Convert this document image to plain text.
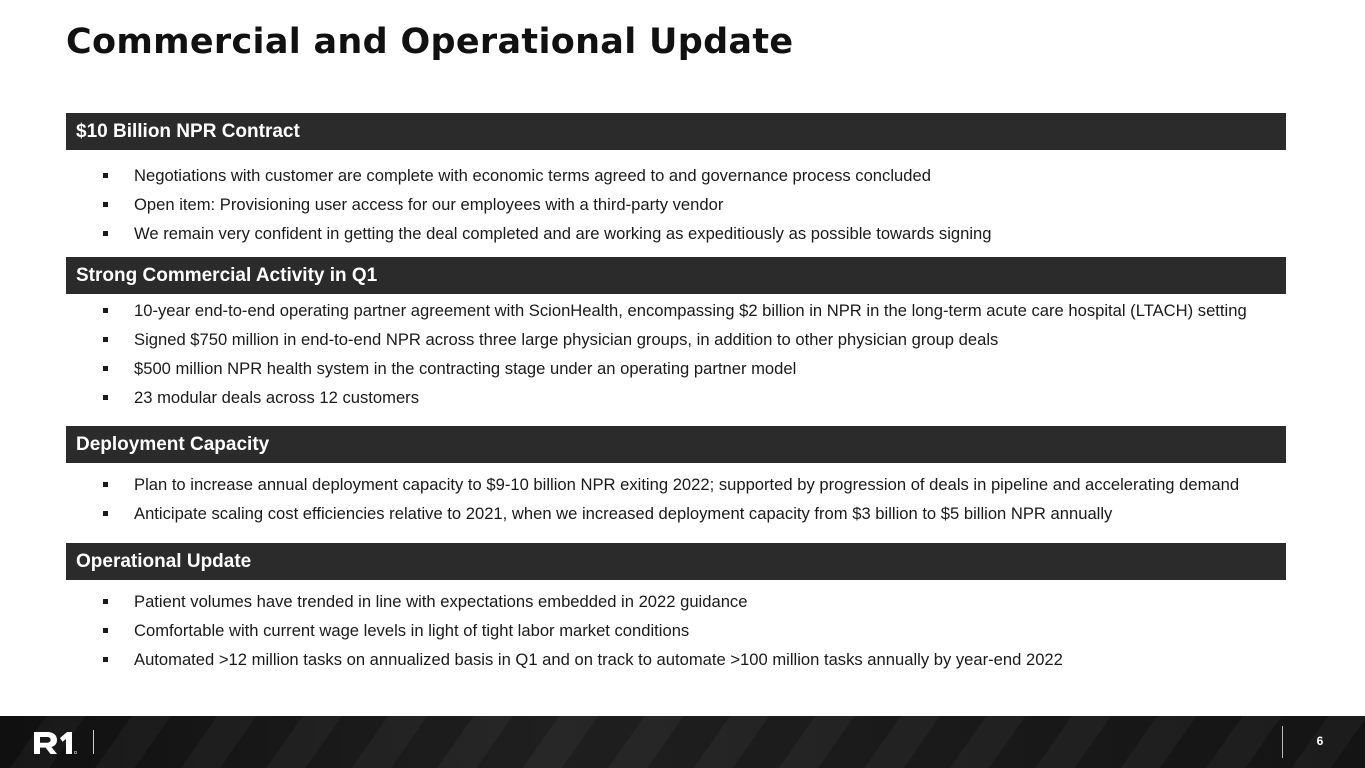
Commercial and Operational Update
$10 Billion NPR Contract
Negotiations with customer are complete with economic terms agreed to and governance process concluded
Open item: Provisioning user access for our employees with a third-party vendor
We remain very confident in getting the deal completed and are working as expeditiously as possible towards signing
Strong Commercial Activity in Q1
10-year end-to-end operating partner agreement with ScionHealth, encompassing $2 billion in NPR in the long-term acute care hospital (LTACH) setting
Signed $750 million in end-to-end NPR across three large physician groups, in addition to other physician group deals
$500 million NPR health system in the contracting stage under an operating partner model
23 modular deals across 12 customers
Deployment Capacity
Plan to increase annual deployment capacity to $9-10 billion NPR exiting 2022; supported by progression of deals in pipeline and accelerating demand
Anticipate scaling cost efficiencies relative to 2021, when we increased deployment capacity from $3 billion to $5 billion NPR annually
Operational Update
Patient volumes have trended in line with expectations embedded in 2022 guidance
Comfortable with current wage levels in light of tight labor market conditions
Automated >12 million tasks on annualized basis in Q1 and on track to automate >100 million tasks annually by year-end 2022
6
